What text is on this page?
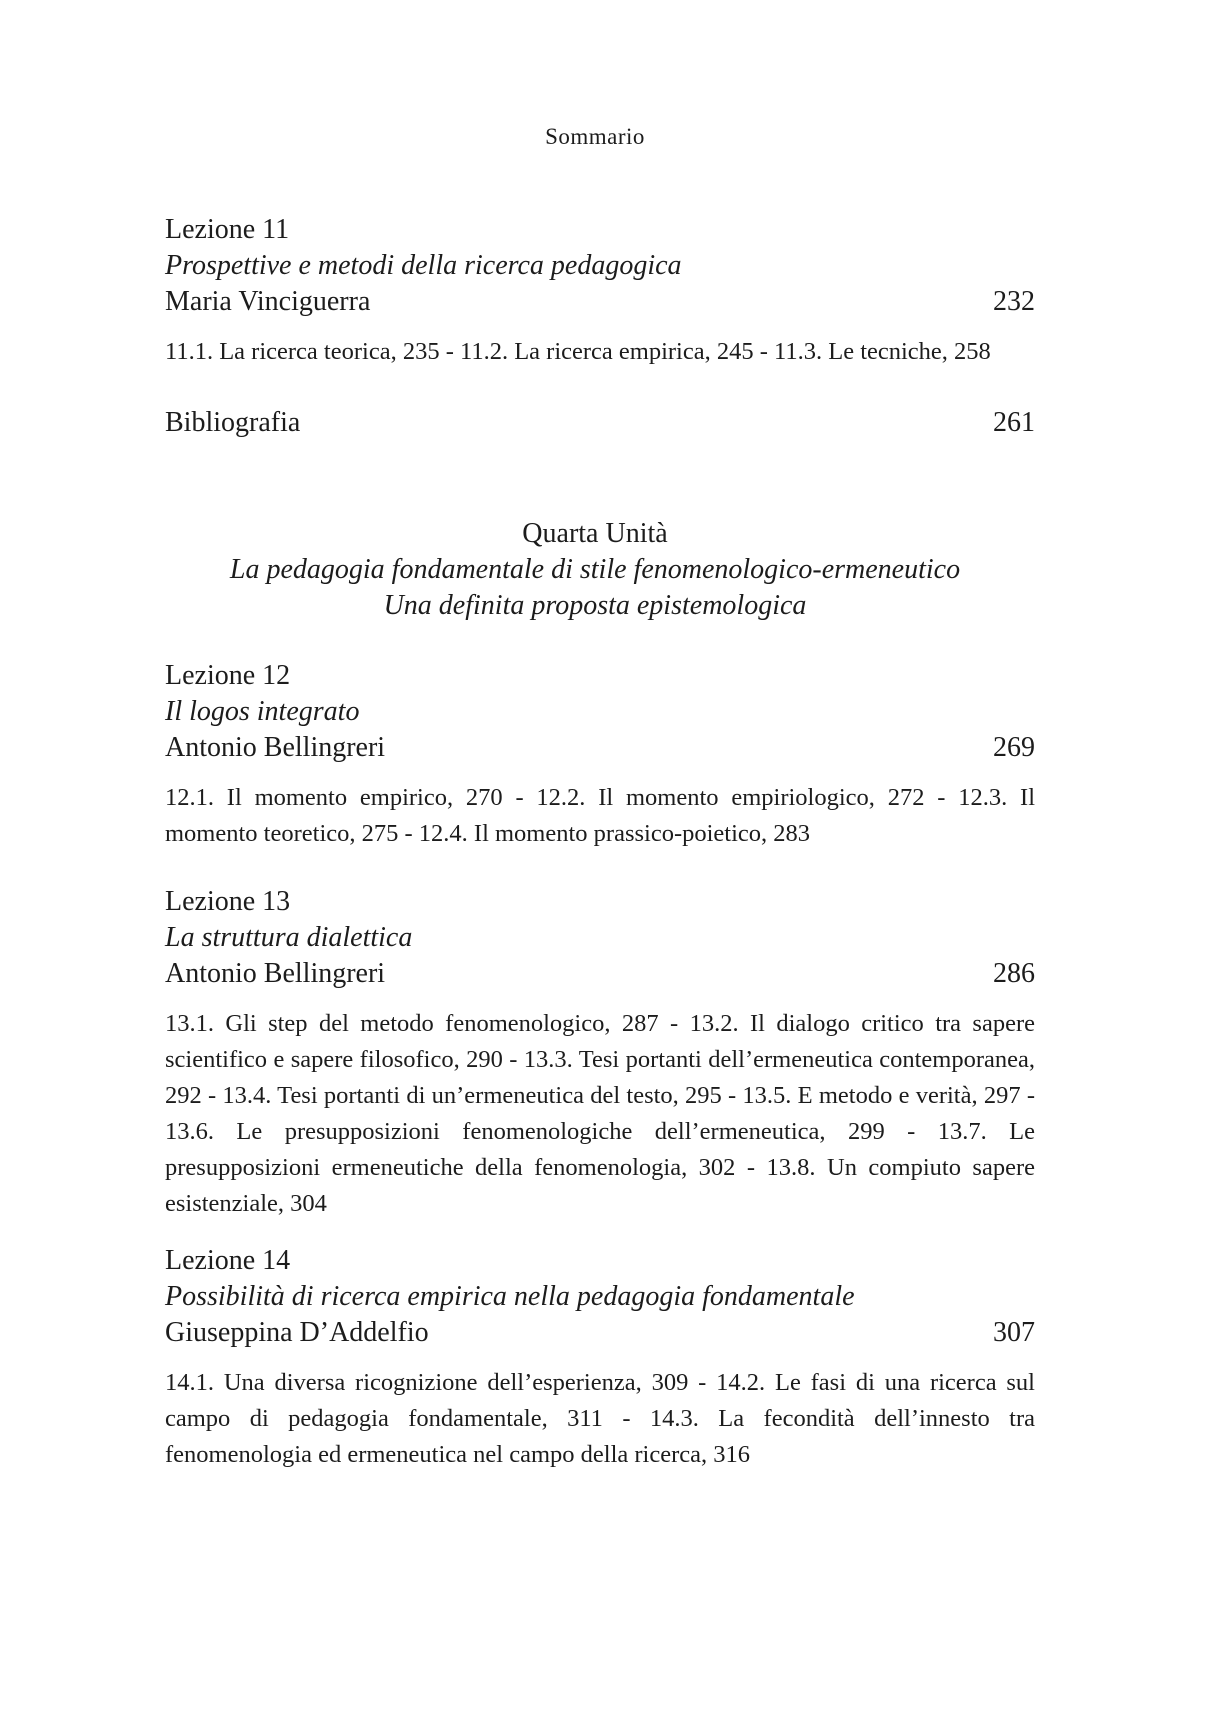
Sommario
Quarta Unità
La pedagogia fondamentale di stile fenomenologico-ermeneutico
Una definita proposta epistemologica
Lezione 11
Prospettive e metodi della ricerca pedagogica
Maria Vinciguerra	232
11.1. La ricerca teorica, 235 - 11.2. La ricerca empirica, 245 - 11.3. Le tecniche, 258
Bibliografia	261
Lezione 12
Il logos integrato
Antonio Bellingreri	269
12.1. Il momento empirico, 270 - 12.2. Il momento empiriologico, 272 - 12.3. Il momento teoretico, 275 - 12.4. Il momento prassico-poietico, 283
Lezione 13
La struttura dialettica
Antonio Bellingreri	286
13.1. Gli step del metodo fenomenologico, 287 - 13.2. Il dialogo critico tra sapere scientifico e sapere filosofico, 290 - 13.3. Tesi portanti dell’ermeneutica contemporanea, 292 - 13.4. Tesi portanti di un’ermeneutica del testo, 295 - 13.5. E metodo e verità, 297 - 13.6. Le presupposizioni fenomenologiche dell’ermeneutica, 299 - 13.7. Le presupposizioni ermeneutiche della fenomenologia, 302 - 13.8. Un compiuto sapere esistenziale, 304
Lezione 14
Possibilità di ricerca empirica nella pedagogia fondamentale
Giuseppina D’Addelfio	307
14.1. Una diversa ricognizione dell’esperienza, 309 - 14.2. Le fasi di una ricerca sul campo di pedagogia fondamentale, 311 - 14.3. La fecondità dell’innesto tra fenomenologia ed ermeneutica nel campo della ricerca, 316
